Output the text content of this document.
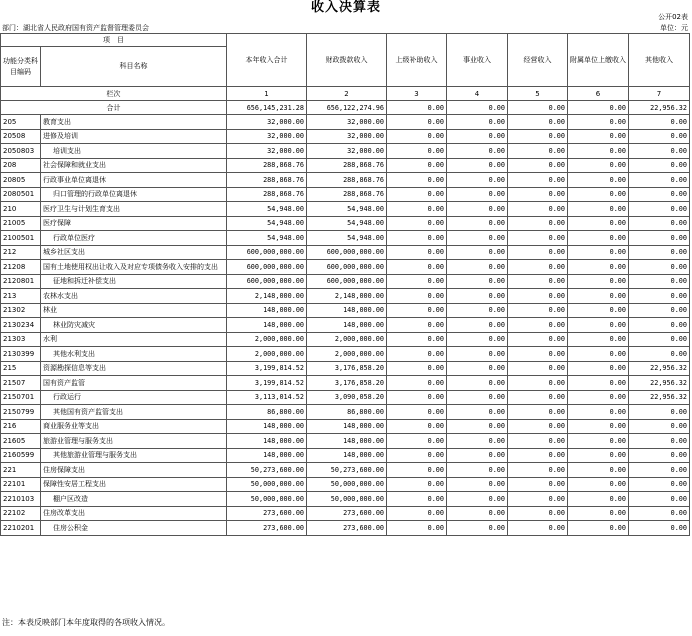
收入决算表
公开02表
部门：湖北省人民政府国有资产监督管理委员会	单位：元
项　目		本年收入合计	财政拨款收入	上级补助收入	事业收入	经营收入	附属单位上缴收入	其他收入
功能分类科目编码	科目名称							
栏次		1	2	3	4	5	6	7
合计		656,145,231.28	656,122,274.96	0.00	0.00	0.00	0.00	22,956.32
205	教育支出	32,000.00	32,000.00	0.00	0.00	0.00	0.00	0.00
20508	进修及培训	32,000.00	32,000.00	0.00	0.00	0.00	0.00	0.00
2050803	培训支出	32,000.00	32,000.00	0.00	0.00	0.00	0.00	0.00
208	社会保障和就业支出	288,868.76	288,868.76	0.00	0.00	0.00	0.00	0.00
20805	行政事业单位离退休	288,868.76	288,868.76	0.00	0.00	0.00	0.00	0.00
2080501	归口管理的行政单位离退休	288,868.76	288,868.76	0.00	0.00	0.00	0.00	0.00
210	医疗卫生与计划生育支出	54,948.00	54,948.00	0.00	0.00	0.00	0.00	0.00
21005	医疗保障	54,948.00	54,948.00	0.00	0.00	0.00	0.00	0.00
2100501	行政单位医疗	54,948.00	54,948.00	0.00	0.00	0.00	0.00	0.00
212	城乡社区支出	600,000,000.00	600,000,000.00	0.00	0.00	0.00	0.00	0.00
21208	国有土地使用权出让收入及对应专项债务收入安排的支出	600,000,000.00	600,000,000.00	0.00	0.00	0.00	0.00	0.00
2120801	征地和拆迁补偿支出	600,000,000.00	600,000,000.00	0.00	0.00	0.00	0.00	0.00
213	农林水支出	2,148,000.00	2,148,000.00	0.00	0.00	0.00	0.00	0.00
21302	林业	148,000.00	148,000.00	0.00	0.00	0.00	0.00	0.00
2130234	林业防灾减灾	148,000.00	148,000.00	0.00	0.00	0.00	0.00	0.00
21303	水利	2,000,000.00	2,000,000.00	0.00	0.00	0.00	0.00	0.00
2130399	其他水利支出	2,000,000.00	2,000,000.00	0.00	0.00	0.00	0.00	0.00
215	资源勘探信息等支出	3,199,814.52	3,176,858.20	0.00	0.00	0.00	0.00	22,956.32
21507	国有资产监管	3,199,814.52	3,176,858.20	0.00	0.00	0.00	0.00	22,956.32
2150701	行政运行	3,113,014.52	3,090,058.20	0.00	0.00	0.00	0.00	22,956.32
2150799	其他国有资产监管支出	86,800.00	86,800.00	0.00	0.00	0.00	0.00	0.00
216	商业服务业等支出	148,000.00	148,000.00	0.00	0.00	0.00	0.00	0.00
21605	旅游业管理与服务支出	148,000.00	148,000.00	0.00	0.00	0.00	0.00	0.00
2160599	其他旅游业管理与服务支出	148,000.00	148,000.00	0.00	0.00	0.00	0.00	0.00
221	住房保障支出	50,273,600.00	50,273,600.00	0.00	0.00	0.00	0.00	0.00
22101	保障性安居工程支出	50,000,000.00	50,000,000.00	0.00	0.00	0.00	0.00	0.00
2210103	棚户区改造	50,000,000.00	50,000,000.00	0.00	0.00	0.00	0.00	0.00
22102	住房改革支出	273,600.00	273,600.00	0.00	0.00	0.00	0.00	0.00
2210201	住房公积金	273,600.00	273,600.00	0.00	0.00	0.00	0.00	0.00
注：本表反映部门本年度取得的各项收入情况。
